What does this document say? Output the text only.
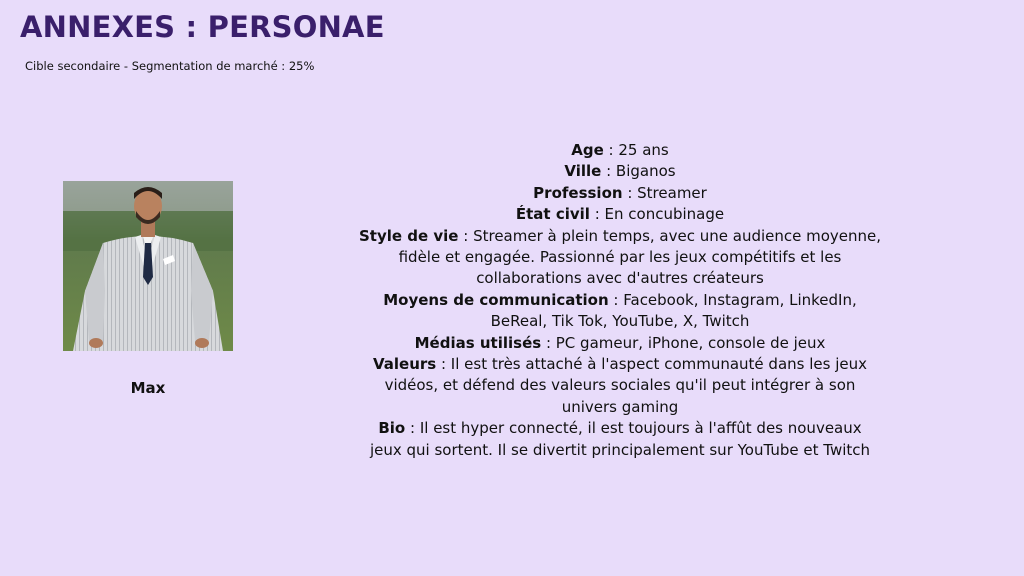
ANNEXES : PERSONAE

Cible secondaire - Segmentation de marché : 25%

Max
Age : 25 ans
Ville : Biganos
Profession : Streamer
État civil : En concubinage
Style de vie : Streamer à plein temps, avec une audience moyenne,
fidèle et engagée. Passionné par les jeux compétitifs et les
collaborations avec d'autres créateurs
Moyens de communication : Facebook, Instagram, LinkedIn,
BeReal, Tik Tok, YouTube, X, Twitch
Médias utilisés : PC gameur, iPhone, console de jeux
Valeurs : Il est très attaché à l'aspect communauté dans les jeux
vidéos, et défend des valeurs sociales qu'il peut intégrer à son
univers gaming
Bio : Il est hyper connecté, il est toujours à l'affût des nouveaux
jeux qui sortent. Il se divertit principalement sur YouTube et Twitch
